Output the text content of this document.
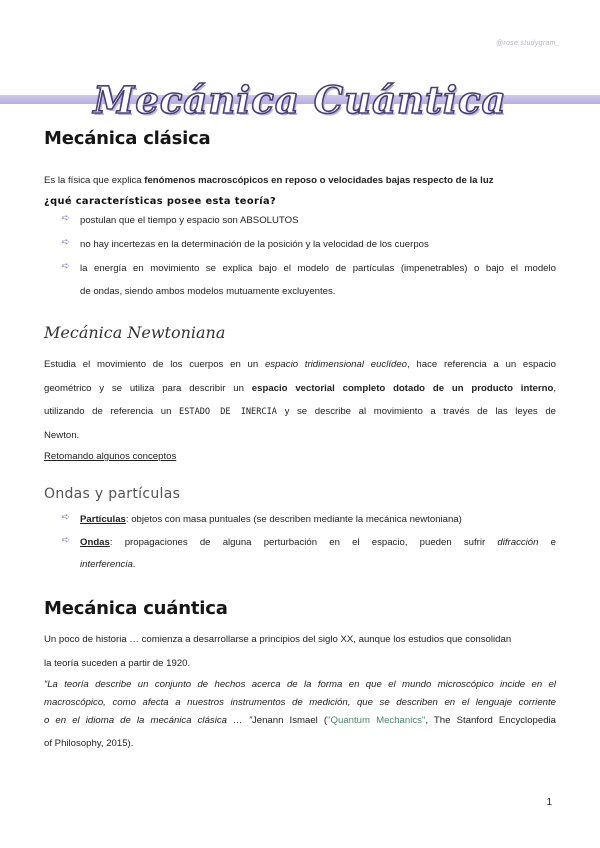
@rose.studygram_
Mecánica Cuántica
Mecánica clásica
Es la física que explica fenómenos macroscópicos en reposo o velocidades bajas respecto de la luz
¿qué características posee esta teoría?
➪ postulan que el tiempo y espacio son ABSOLUTOS
➪ no hay incertezas en la determinación de la posición y la velocidad de los cuerpos
➪ la energía en movimiento se explica bajo el modelo de partículas (impenetrables) o bajo el modelo
de ondas, siendo ambos modelos mutuamente excluyentes.
Mecánica Newtoniana
Estudia el movimiento de los cuerpos en un espacio tridimensional euclídeo, hace referencia a un espacio
geométrico y se utiliza para describir un espacio vectorial completo dotado de un producto interno,
utilizando de referencia un ESTADO DE INERCIA y se describe al movimiento a través de las leyes de
Newton.
Retomando algunos conceptos
Ondas y partículas
➪ Partículas: objetos con masa puntuales (se describen mediante la mecánica newtoniana)
➪ Ondas: propagaciones de alguna perturbación en el espacio, pueden sufrir difracción e
interferencia.
Mecánica cuántica
Un poco de historia … comienza a desarrollarse a principios del siglo XX, aunque los estudios que consolidan
la teoría suceden a partir de 1920.
“La teoría describe un conjunto de hechos acerca de la forma en que el mundo microscópico incide en el
macroscópico, como afecta a nuestros instrumentos de medición, que se describen en el lenguaje corriente
o en el idioma de la mecánica clásica … ”Jenann Ismael ("Quantum Mechanics", The Stanford Encyclopedia
of Philosophy, 2015).
1
